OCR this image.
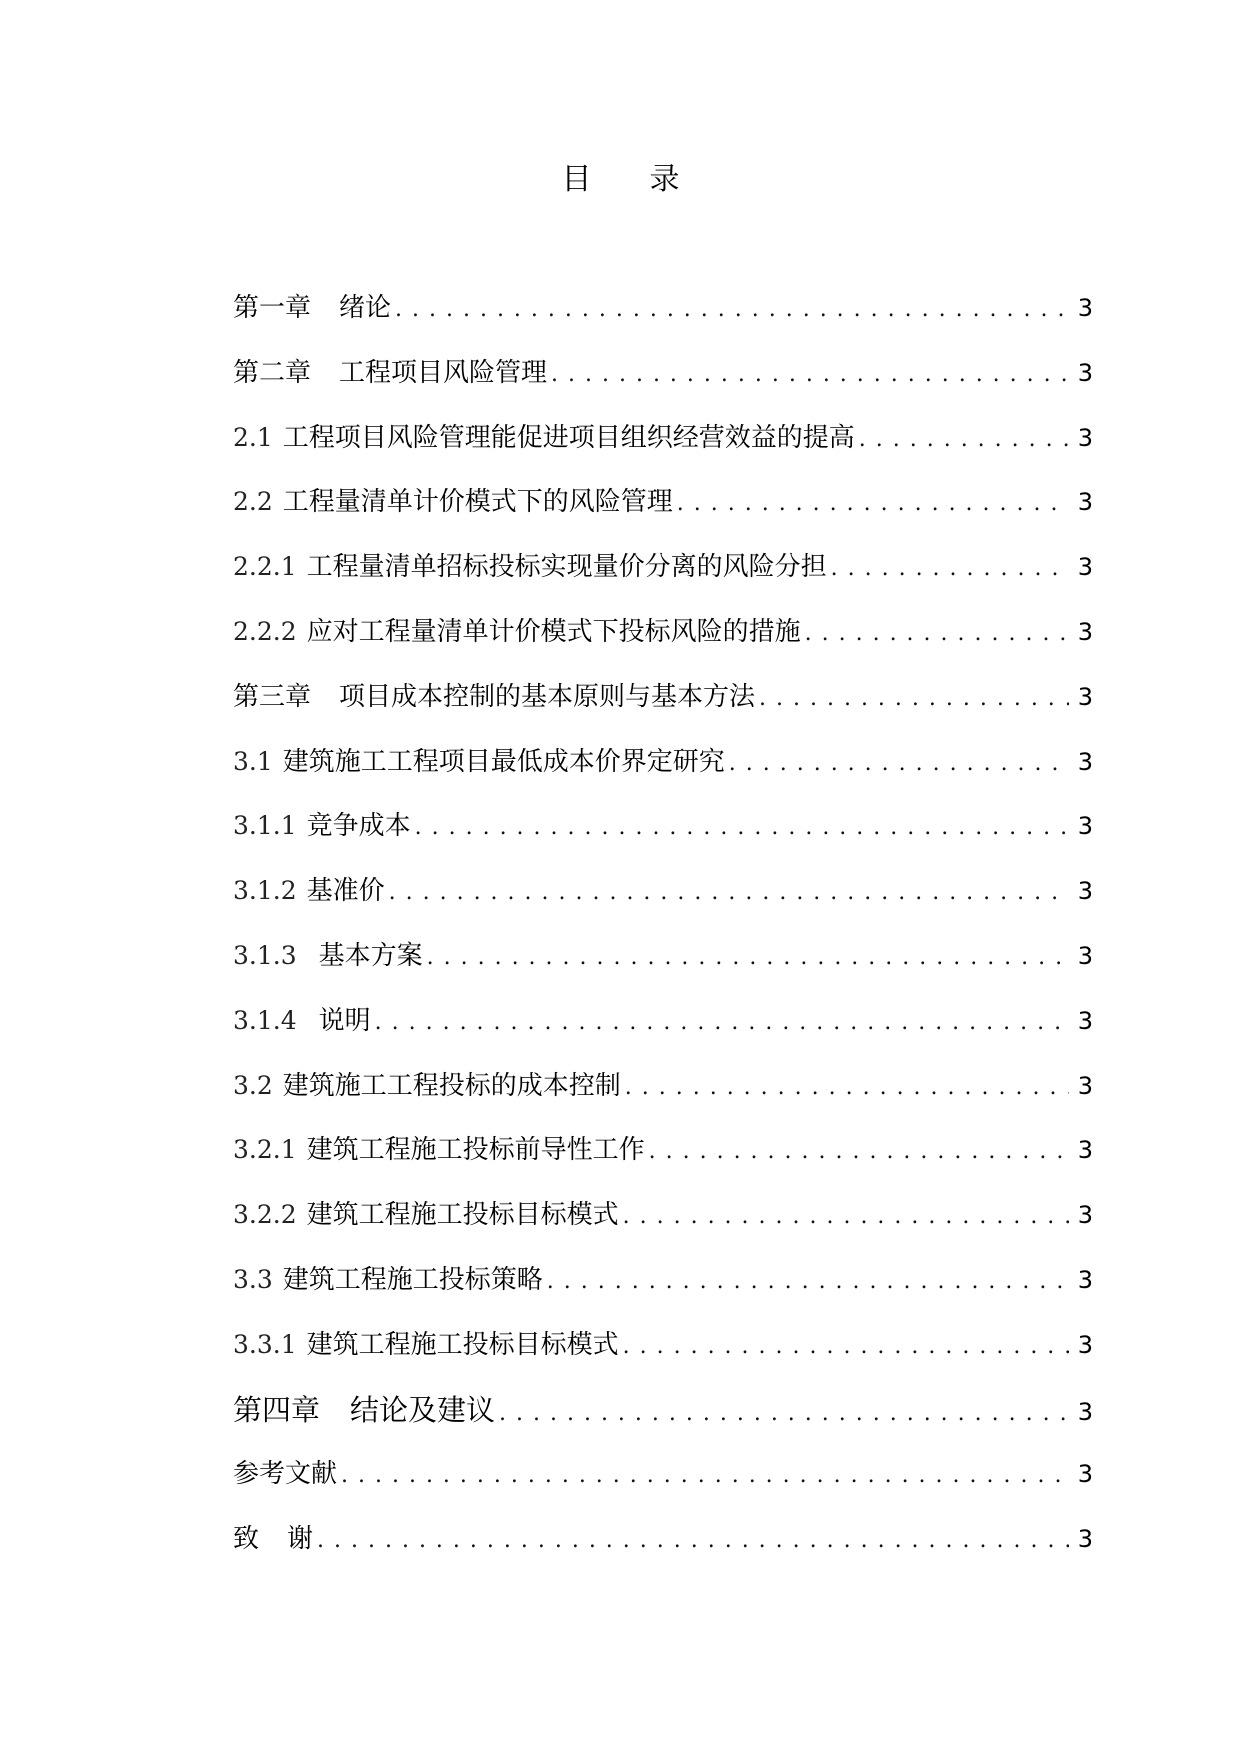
目 录
第一章 绪论 . . .	3
第二章 工程项目风险管理 . . .	3
2.1 工程项目风险管理能促进项目组织经营效益的提高 . . .	3
2.2 工程量清单计价模式下的风险管理 . . .	3
2.2.1 工程量清单招标投标实现量价分离的风险分担 . . .	3
2.2.2 应对工程量清单计价模式下投标风险的措施 . . .	3
第三章 项目成本控制的基本原则与基本方法 . . .	3
3.1 建筑施工工程项目最低成本价界定研究 . . .	3
3.1.1 竞争成本 . . .	3
3.1.2 基准价 . . .	3
3.1.3 基本方案 . . .	3
3.1.4 说明 . . .	3
3.2 建筑施工工程投标的成本控制 . . .	3
3.2.1 建筑工程施工投标前导性工作 . . .	3
3.2.2 建筑工程施工投标目标模式 . . .	3
3.3 建筑工程施工投标策略 . . .	3
3.3.1 建筑工程施工投标目标模式 . . .	3
第四章 结论及建议 . . .	3
参考文献 . . .	3
致 谢 . . .	3
